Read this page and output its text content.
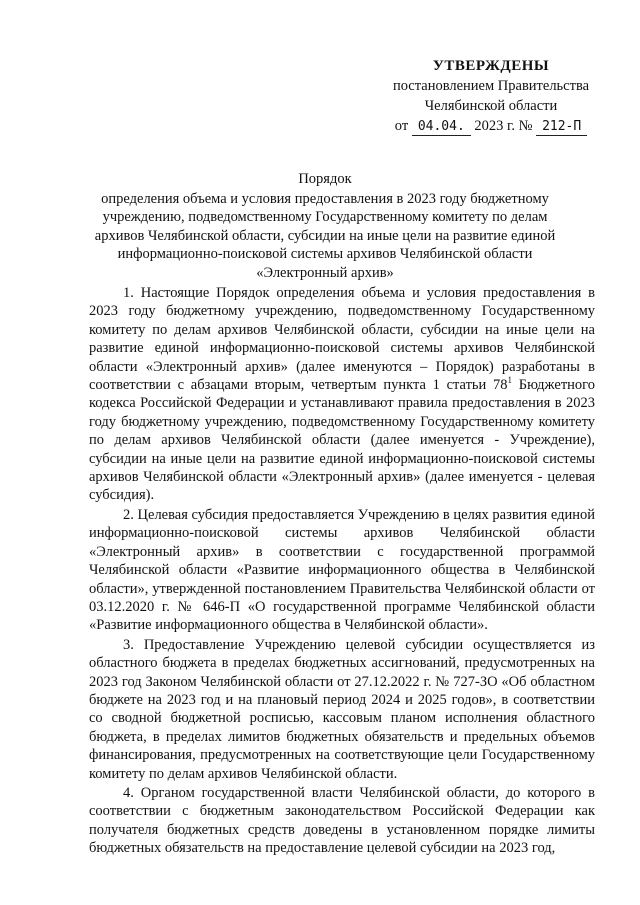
УТВЕРЖДЕНЫ
постановлением Правительства
Челябинской области
от 04.04. 2023 г. № 212-П
Порядок
определения объема и условия предоставления в 2023 году бюджетному
учреждению, подведомственному Государственному комитету по делам
архивов Челябинской области, субсидии на иные цели на развитие единой
информационно-поисковой системы архивов Челябинской области
«Электронный архив»

1. Настоящие Порядок определения объема и условия предоставления в 2023 году бюджетному учреждению, подведомственному Государственному комитету по делам архивов Челябинской области, субсидии на иные цели на развитие единой информационно-поисковой системы архивов Челябинской области «Электронный архив» (далее именуются – Порядок) разработаны в соответствии с абзацами вторым, четвертым пункта 1 статьи $78^1$ Бюджетного кодекса Российской Федерации и устанавливают правила предоставления в 2023 году бюджетному учреждению, подведомственному Государственному комитету по делам архивов Челябинской области (далее именуется - Учреждение), субсидии на иные цели на развитие единой информационно-поисковой системы архивов Челябинской области «Электронный архив» (далее именуется - целевая субсидия).

2. Целевая субсидия предоставляется Учреждению в целях развития единой информационно-поисковой системы архивов Челябинской области «Электронный архив» в соответствии с государственной программой Челябинской области «Развитие информационного общества в Челябинской области», утвержденной постановлением Правительства Челябинской области от 03.12.2020 г. № 646-П «О государственной программе Челябинской области «Развитие информационного общества в Челябинской области».

3. Предоставление Учреждению целевой субсидии осуществляется из областного бюджета в пределах бюджетных ассигнований, предусмотренных на 2023 год Законом Челябинской области от 27.12.2022 г. № 727-ЗО «Об областном бюджете на 2023 год и на плановый период 2024 и 2025 годов», в соответствии со сводной бюджетной росписью, кассовым планом исполнения областного бюджета, в пределах лимитов бюджетных обязательств и предельных объемов финансирования, предусмотренных на соответствующие цели Государственному комитету по делам архивов Челябинской области.

4. Органом государственной власти Челябинской области, до которого в соответствии с бюджетным законодательством Российской Федерации как получателя бюджетных средств доведены в установленном порядке лимиты бюджетных обязательств на предоставление целевой субсидии на 2023 год,
